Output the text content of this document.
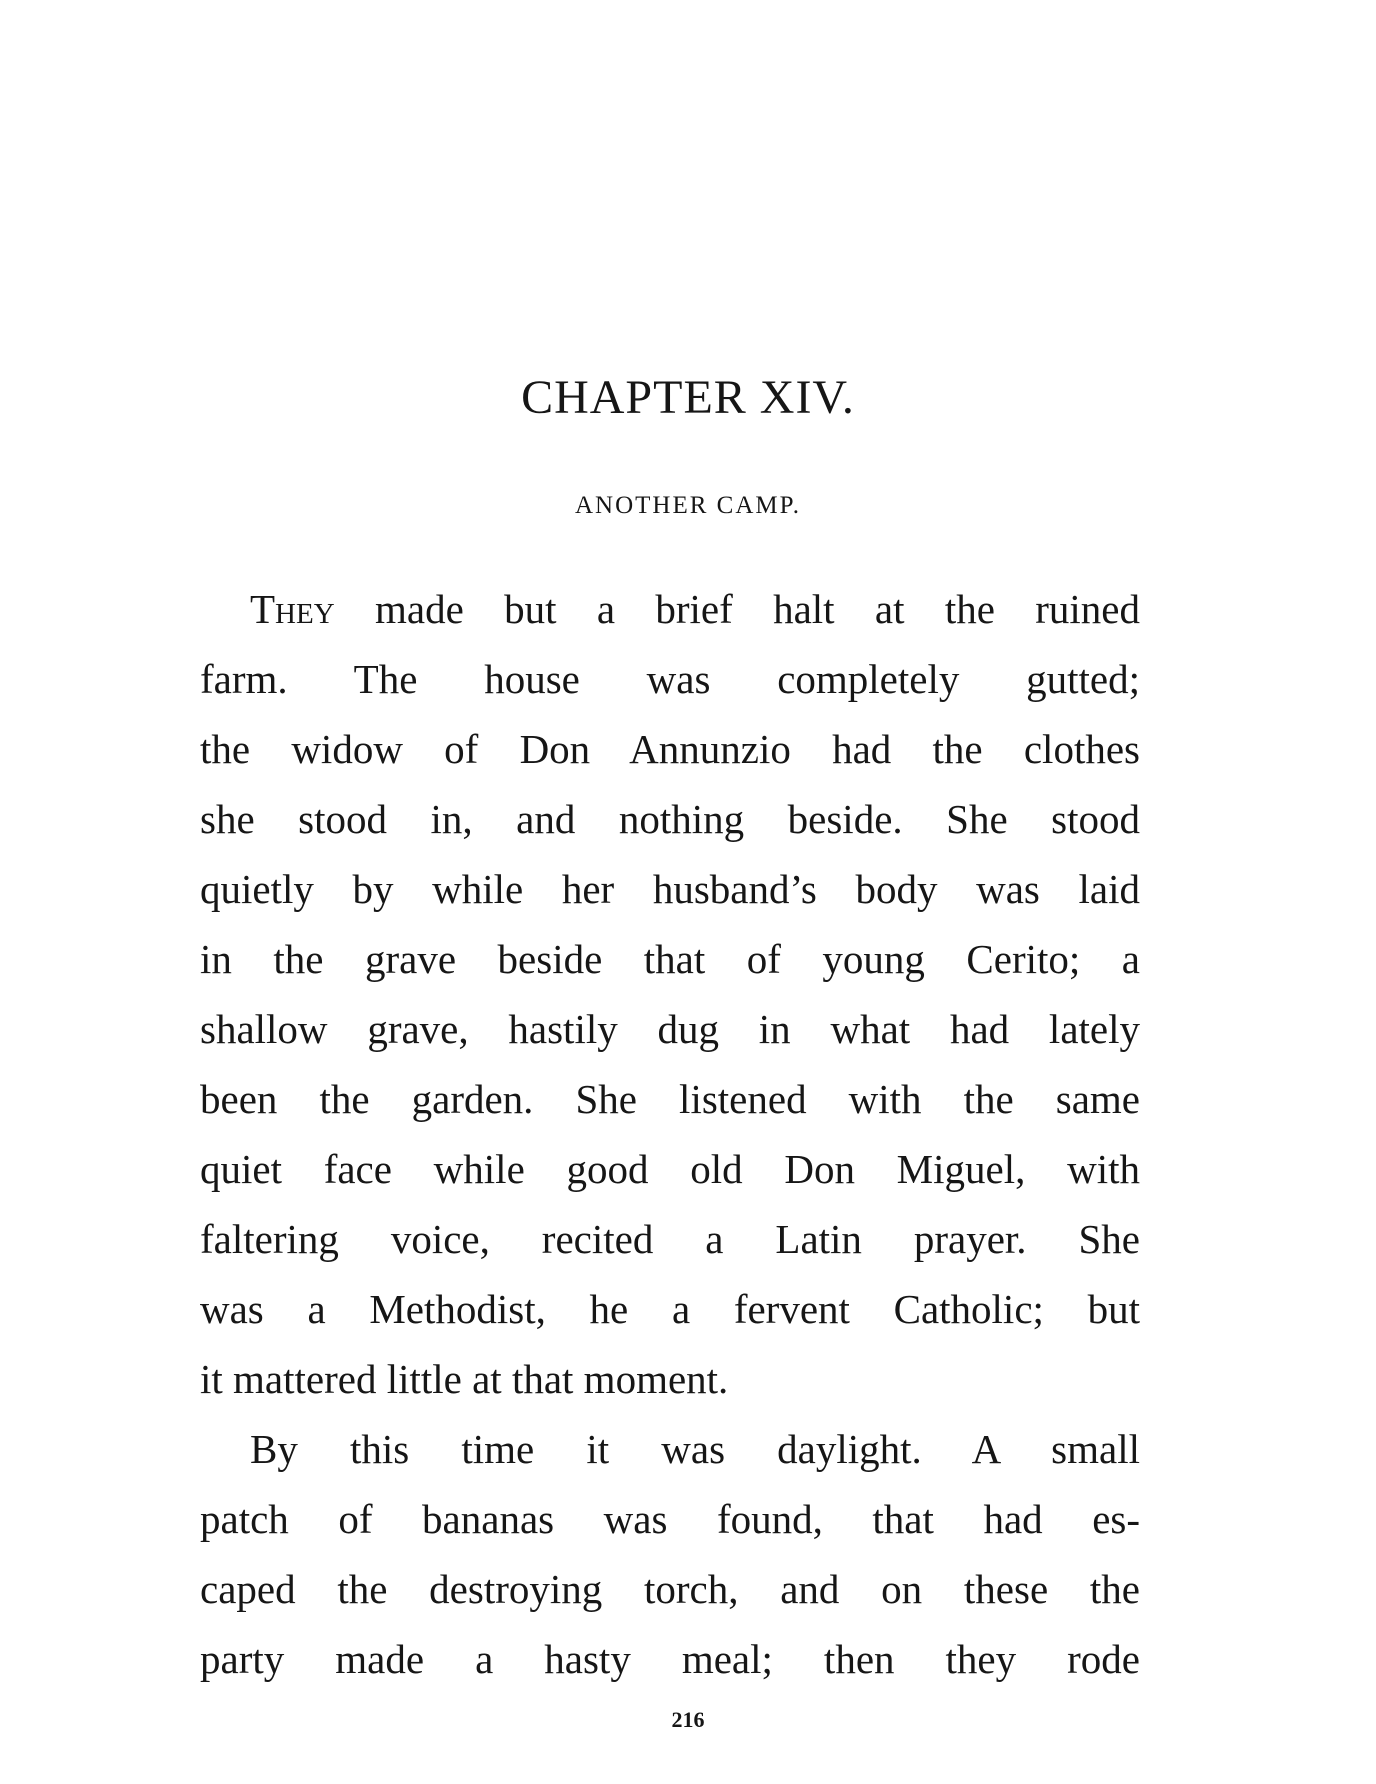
CHAPTER XIV.
ANOTHER CAMP.
They made but a brief halt at the ruined
farm. The house was completely gutted;
the widow of Don Annunzio had the clothes
she stood in, and nothing beside. She stood
quietly by while her husband’s body was laid
in the grave beside that of young Cerito; a
shallow grave, hastily dug in what had lately
been the garden. She listened with the same
quiet face while good old Don Miguel, with
faltering voice, recited a Latin prayer. She
was a Methodist, he a fervent Catholic; but
it mattered little at that moment.
By this time it was daylight. A small
patch of bananas was found, that had es-
caped the destroying torch, and on these the
party made a hasty meal; then they rode
216
